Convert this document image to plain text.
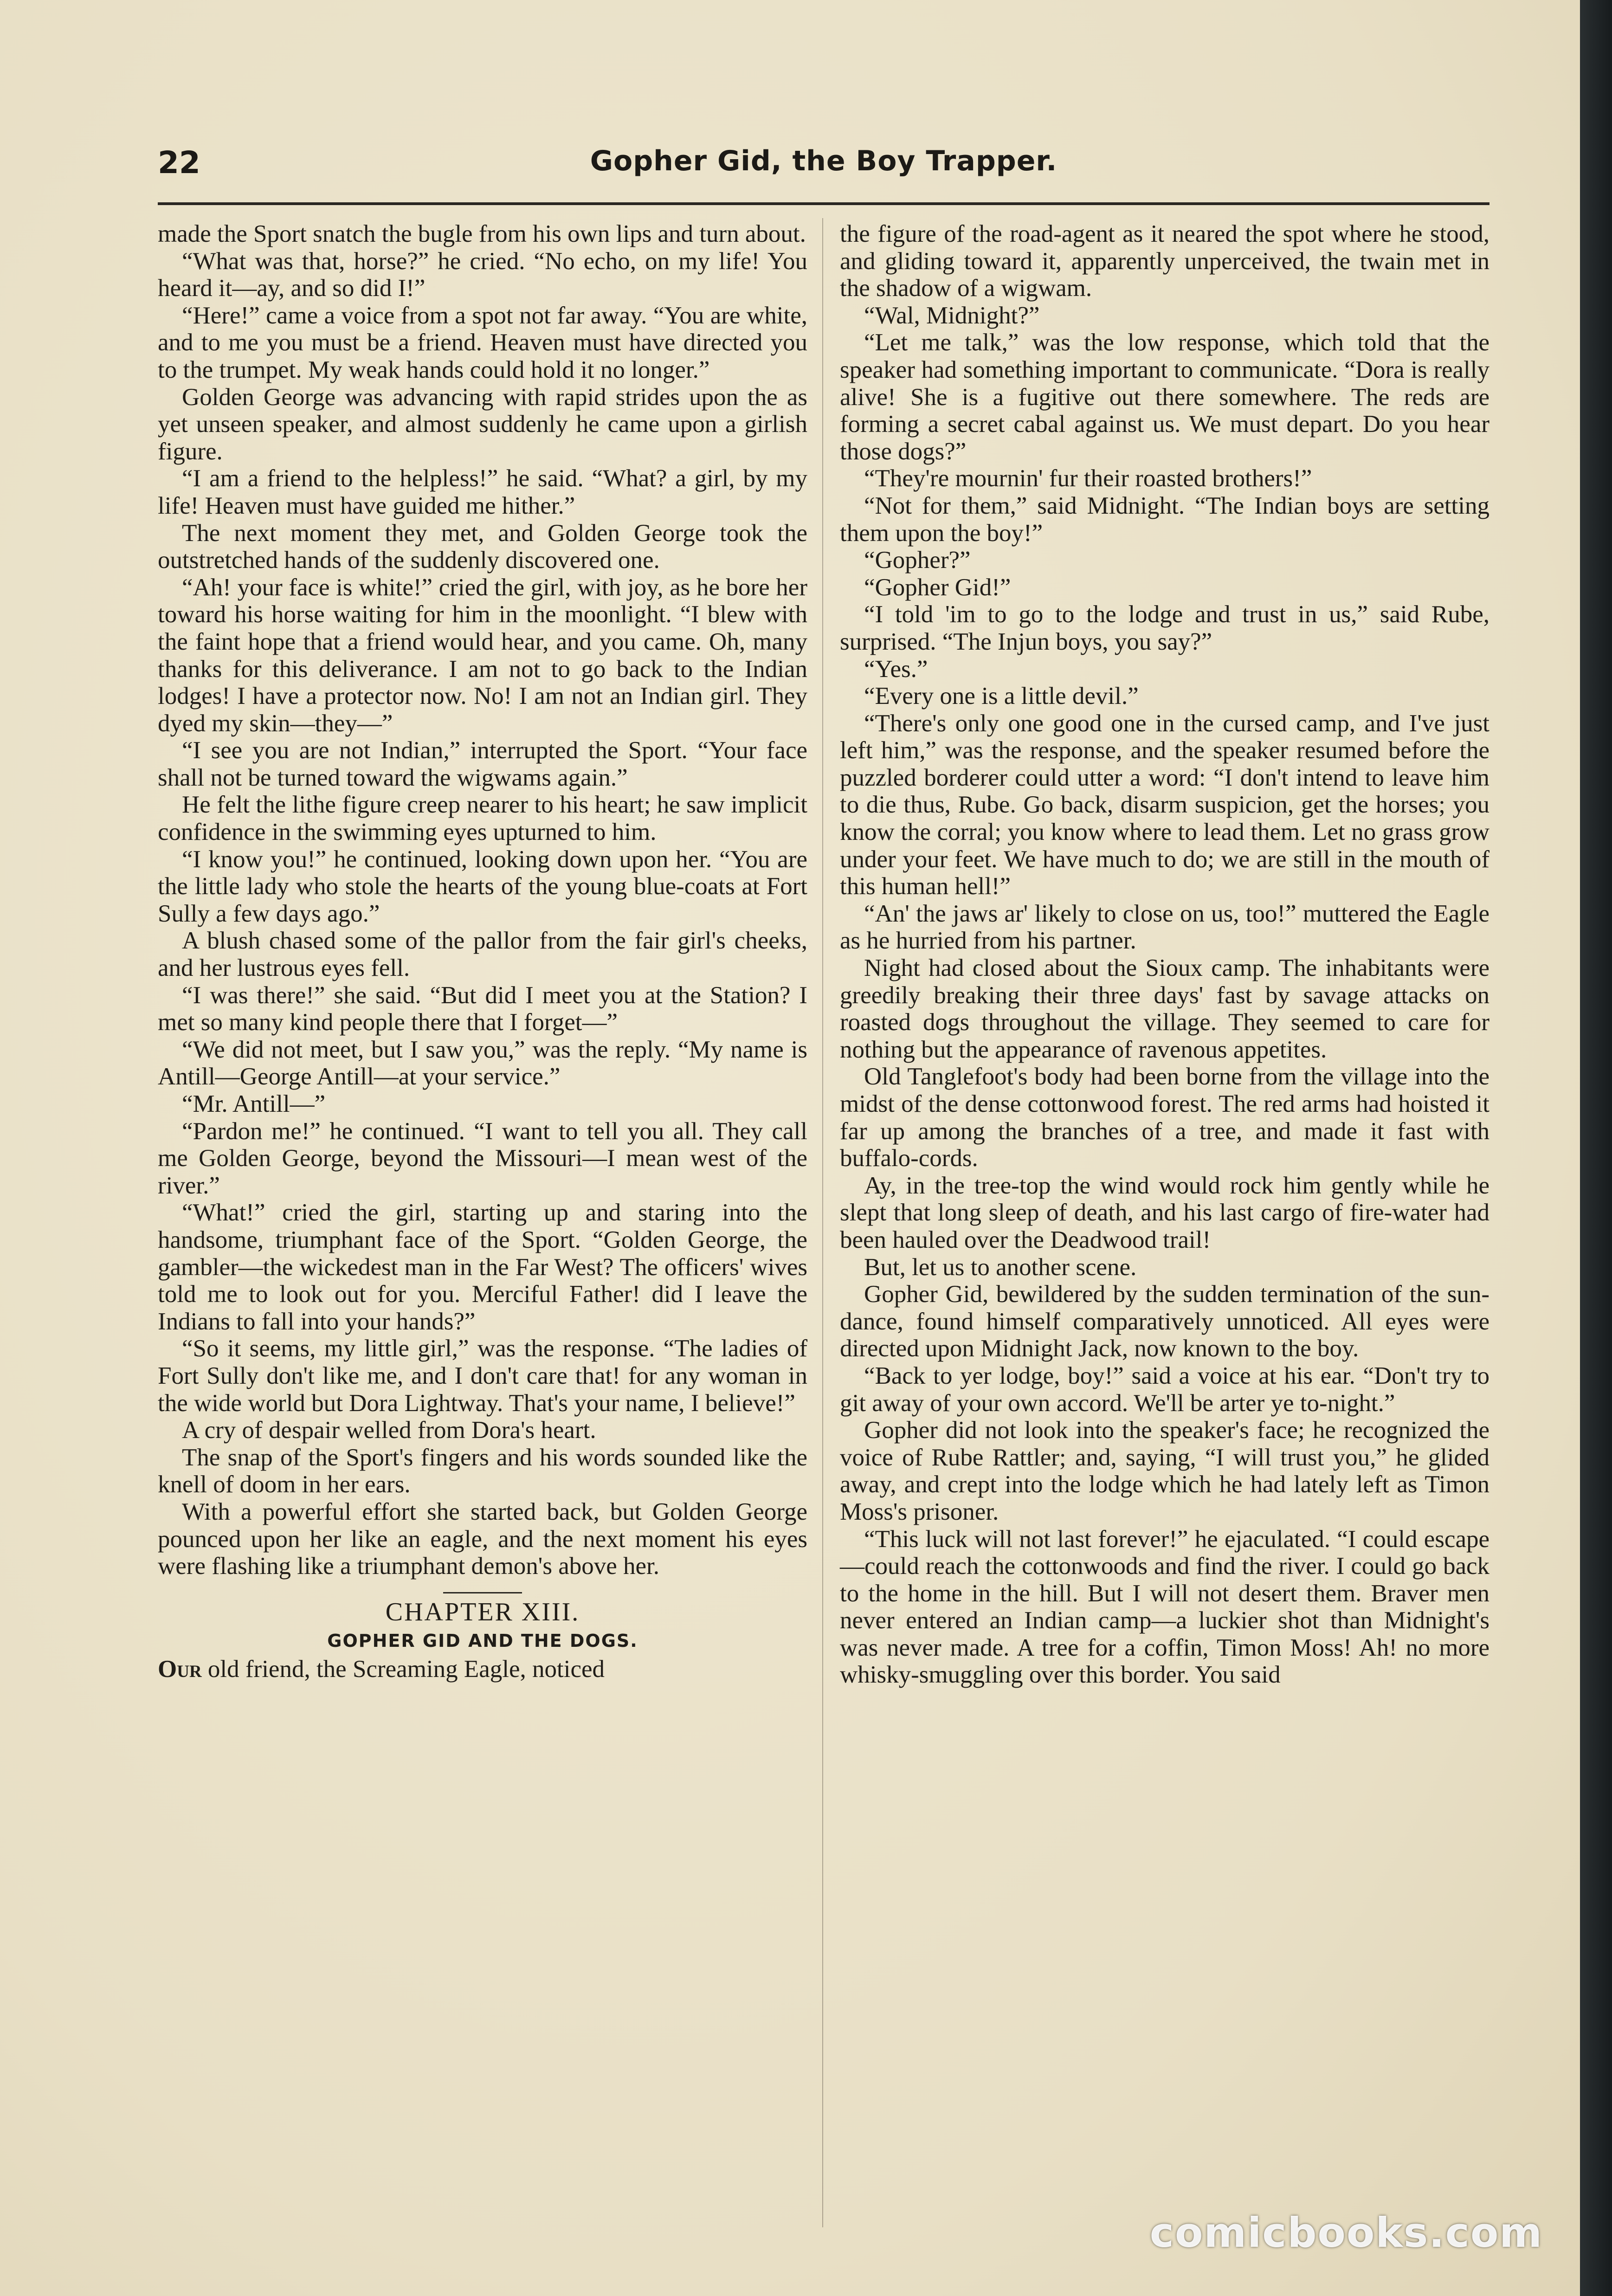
22	Gopher Gid, the Boy Trapper.

made the Sport snatch the bugle from his own lips and turn about.

“What was that, horse?” he cried. “No echo, on my life! You heard it—ay, and so did I!”

“Here!” came a voice from a spot not far away. “You are white, and to me you must be a friend. Heaven must have directed you to the trumpet. My weak hands could hold it no longer.”

Golden George was advancing with rapid strides upon the as yet unseen speaker, and almost suddenly he came upon a girlish figure.

“I am a friend to the helpless!” he said. “What? a girl, by my life! Heaven must have guided me hither.”

The next moment they met, and Golden George took the outstretched hands of the suddenly discovered one.

“Ah! your face is white!” cried the girl, with joy, as he bore her toward his horse waiting for him in the moonlight. “I blew with the faint hope that a friend would hear, and you came. Oh, many thanks for this deliverance. I am not to go back to the Indian lodges! I have a protector now. No! I am not an Indian girl. They dyed my skin—they—”

“I see you are not Indian,” interrupted the Sport. “Your face shall not be turned toward the wigwams again.”

He felt the lithe figure creep nearer to his heart; he saw implicit confidence in the swimming eyes upturned to him.

“I know you!” he continued, looking down upon her. “You are the little lady who stole the hearts of the young blue-coats at Fort Sully a few days ago.”

A blush chased some of the pallor from the fair girl's cheeks, and her lustrous eyes fell.

“I was there!” she said. “But did I meet you at the Station? I met so many kind people there that I forget—”

“We did not meet, but I saw you,” was the reply. “My name is Antill—George Antill—at your service.”

“Mr. Antill—”

“Pardon me!” he continued. “I want to tell you all. They call me Golden George, beyond the Missouri—I mean west of the river.”

“What!” cried the girl, starting up and staring into the handsome, triumphant face of the Sport. “Golden George, the gambler—the wickedest man in the Far West? The officers' wives told me to look out for you. Merciful Father! did I leave the Indians to fall into your hands?”

“So it seems, my little girl,” was the response. “The ladies of Fort Sully don't like me, and I don't care that! for any woman in the wide world but Dora Lightway. That's your name, I believe!”

A cry of despair welled from Dora's heart.

The snap of the Sport's fingers and his words sounded like the knell of doom in her ears.

With a powerful effort she started back, but Golden George pounced upon her like an eagle, and the next moment his eyes were flashing like a triumphant demon's above her.

CHAPTER XIII.
GOPHER GID AND THE DOGS.

Our old friend, the Screaming Eagle, noticed

the figure of the road-agent as it neared the spot where he stood, and gliding toward it, apparently unperceived, the twain met in the shadow of a wigwam.

“Wal, Midnight?”

“Let me talk,” was the low response, which told that the speaker had something important to communicate. “Dora is really alive! She is a fugitive out there somewhere. The reds are forming a secret cabal against us. We must depart. Do you hear those dogs?”

“They're mournin' fur their roasted brothers!”

“Not for them,” said Midnight. “The Indian boys are setting them upon the boy!”

“Gopher?”

“Gopher Gid!”

“I told 'im to go to the lodge and trust in us,” said Rube, surprised. “The Injun boys, you say?”

“Yes.”

“Every one is a little devil.”

“There's only one good one in the cursed camp, and I've just left him,” was the response, and the speaker resumed before the puzzled borderer could utter a word: “I don't intend to leave him to die thus, Rube. Go back, disarm suspicion, get the horses; you know the corral; you know where to lead them. Let no grass grow under your feet. We have much to do; we are still in the mouth of this human hell!”

“An' the jaws ar' likely to close on us, too!” muttered the Eagle as he hurried from his partner.

Night had closed about the Sioux camp. The inhabitants were greedily breaking their three days' fast by savage attacks on roasted dogs throughout the village. They seemed to care for nothing but the appearance of ravenous appetites.

Old Tanglefoot's body had been borne from the village into the midst of the dense cottonwood forest. The red arms had hoisted it far up among the branches of a tree, and made it fast with buffalo-cords.

Ay, in the tree-top the wind would rock him gently while he slept that long sleep of death, and his last cargo of fire-water had been hauled over the Deadwood trail!

But, let us to another scene.

Gopher Gid, bewildered by the sudden termination of the sun-dance, found himself comparatively unnoticed. All eyes were directed upon Midnight Jack, now known to the boy.

“Back to yer lodge, boy!” said a voice at his ear. “Don't try to git away of your own accord. We'll be arter ye to-night.”

Gopher did not look into the speaker's face; he recognized the voice of Rube Rattler; and, saying, “I will trust you,” he glided away, and crept into the lodge which he had lately left as Timon Moss's prisoner.

“This luck will not last forever!” he ejaculated. “I could escape—could reach the cottonwoods and find the river. I could go back to the home in the hill. But I will not desert them. Braver men never entered an Indian camp—a luckier shot than Midnight's was never made. A tree for a coffin, Timon Moss! Ah! no more whisky-smuggling over this border. You said

comicbooks.com
